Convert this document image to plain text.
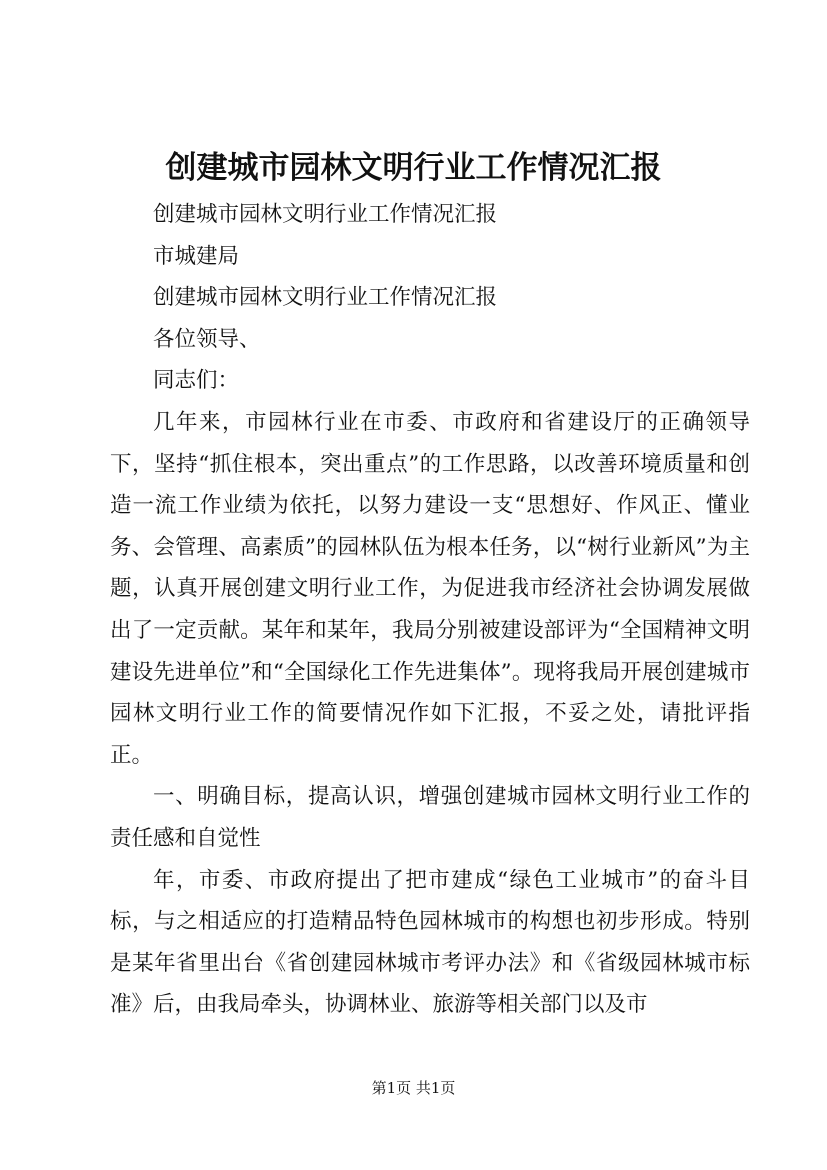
创建城市园林文明行业工作情况汇报

创建城市园林文明行业工作情况汇报

市城建局

创建城市园林文明行业工作情况汇报

各位领导、

同志们：

几年来，市园林行业在市委、市政府和省建设厅的正确领导下，坚持“抓住根本，突出重点”的工作思路，以改善环境质量和创造一流工作业绩为依托，以努力建设一支“思想好、作风正、懂业务、会管理、高素质”的园林队伍为根本任务，以“树行业新风”为主题，认真开展创建文明行业工作，为促进我市经济社会协调发展做出了一定贡献。某年和某年，我局分别被建设部评为“全国精神文明建设先进单位”和“全国绿化工作先进集体”。现将我局开展创建城市园林文明行业工作的简要情况作如下汇报，不妥之处，请批评指正。

一、明确目标，提高认识，增强创建城市园林文明行业工作的责任感和自觉性

年，市委、市政府提出了把市建成“绿色工业城市”的奋斗目标，与之相适应的打造精品特色园林城市的构想也初步形成。特别是某年省里出台《省创建园林城市考评办法》和《省级园林城市标准》后，由我局牵头，协调林业、旅游等相关部门以及市

第1页 共1页
